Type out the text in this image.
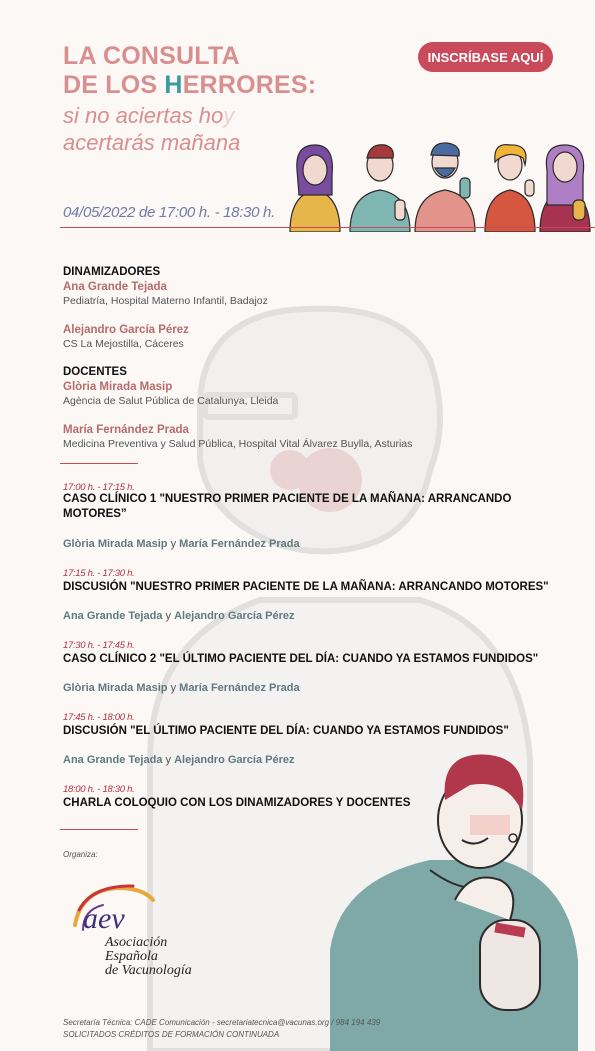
LA CONSULTA
DE LOS HERRORES:
si no aciertas hoy
acertarás mañana
INSCRÍBASE AQUÍ
04/05/2022 de 17:00 h. - 18:30 h.
DINAMIZADORES
Ana Grande Tejada
Pediatría, Hospital Materno Infantil, Badajoz
Alejandro García Pérez
CS La Mejostilla, Cáceres
DOCENTES
Glòria Mirada Masip
Agència de Salut Pública de Catalunya, Lleida
María Fernández Prada
Medicina Preventiva y Salud Pública, Hospital Vital Álvarez Buylla, Asturias
17:00 h. - 17:15 h.
CASO CLÍNICO 1 "NUESTRO PRIMER PACIENTE DE LA MAÑANA: ARRANCANDO MOTORES”
Glòria Mirada Masip y María Fernández Prada
17:15 h. - 17:30 h.
DISCUSIÓN "NUESTRO PRIMER PACIENTE DE LA MAÑANA: ARRANCANDO MOTORES"
Ana Grande Tejada y Alejandro García Pérez
17:30 h. - 17:45 h.
CASO CLÍNICO 2 "EL ÚLTIMO PACIENTE DEL DÍA: CUANDO YA ESTAMOS FUNDIDOS"
Glòria Mirada Masip y María Fernández Prada
17:45 h. - 18:00 h.
DISCUSIÓN "EL ÚLTIMO PACIENTE DEL DÍA: CUANDO YA ESTAMOS FUNDIDOS"
Ana Grande Tejada y Alejandro García Pérez
18:00 h. - 18:30 h.
CHARLA COLOQUIO CON LOS DINAMIZADORES Y DOCENTES
Organiza:
aev
Asociación
Española
de Vacunología
Secretaría Técnica: CADE Comunicación - secretariatecnica@vacunas.org / 984 194 439
SOLICITADOS CRÉDITOS DE FORMACIÓN CONTINUADA
